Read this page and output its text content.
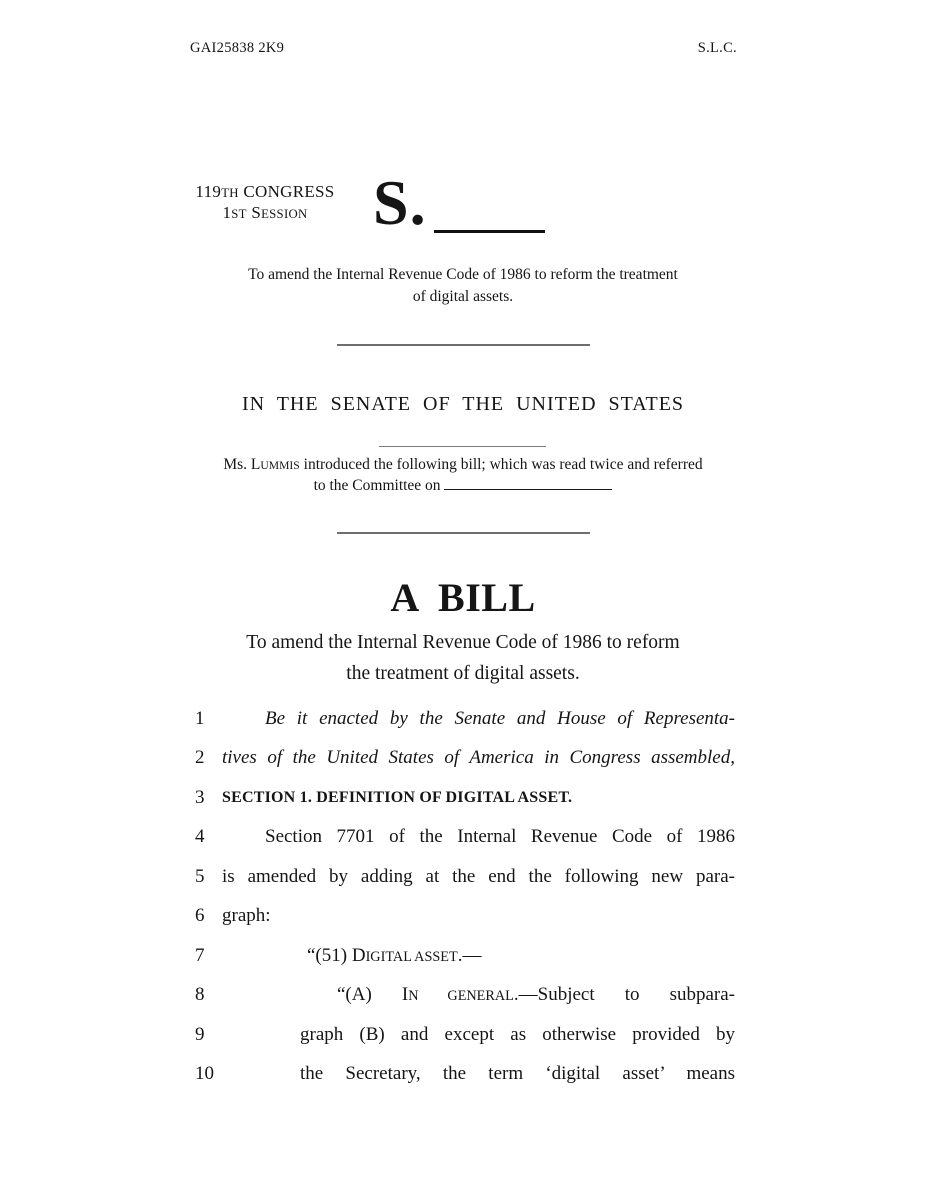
GAI25838 2K9	S.L.C.
119TH CONGRESS
1ST SESSION	S.
To amend the Internal Revenue Code of 1986 to reform the treatment
of digital assets.
IN THE SENATE OF THE UNITED STATES
Ms. LUMMIS introduced the following bill; which was read twice and referred
to the Committee on
A BILL
To amend the Internal Revenue Code of 1986 to reform
the treatment of digital assets.
1	Be it enacted by the Senate and House of Representa-
2 tives of the United States of America in Congress assembled,
3	SECTION 1. DEFINITION OF DIGITAL ASSET.
4	Section 7701 of the Internal Revenue Code of 1986
5 is amended by adding at the end the following new para-
6 graph:
7	“(51) DIGITAL ASSET.—
8	“(A) IN GENERAL.—Subject to subpara-
9	graph (B) and except as otherwise provided by
10	the Secretary, the term ‘digital asset’ means
